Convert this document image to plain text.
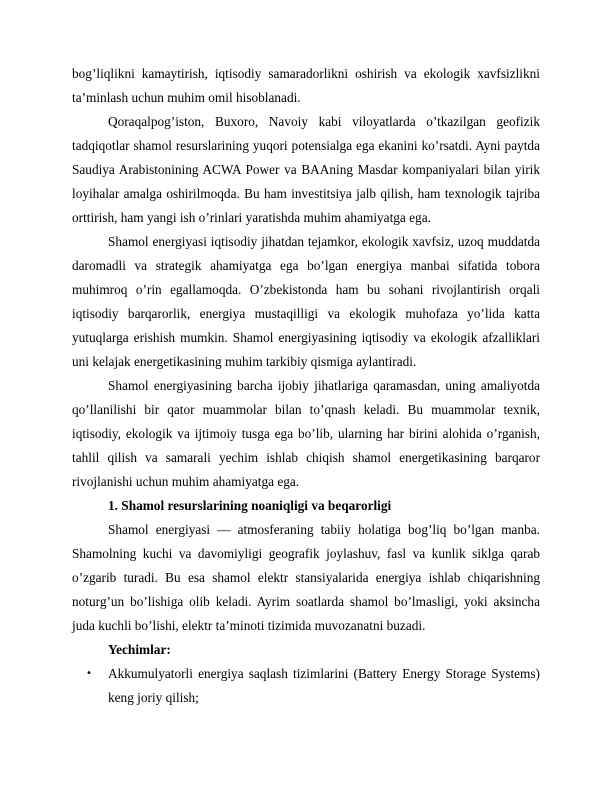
bog’liqlikni kamaytirish, iqtisodiy samaradorlikni oshirish va ekologik xavfsizlikni ta’minlash uchun muhim omil hisoblanadi.

Qoraqalpog’iston, Buxoro, Navoiy kabi viloyatlarda o’tkazilgan geofizik tadqiqotlar shamol resurslarining yuqori potensialga ega ekanini ko’rsatdi. Ayni paytda Saudiya Arabistonining ACWA Power va BAAning Masdar kompaniyalari bilan yirik loyihalar amalga oshirilmoqda. Bu ham investitsiya jalb qilish, ham texnologik tajriba orttirish, ham yangi ish o’rinlari yaratishda muhim ahamiyatga ega.

Shamol energiyasi iqtisodiy jihatdan tejamkor, ekologik xavfsiz, uzoq muddatda daromadli va strategik ahamiyatga ega bo’lgan energiya manbai sifatida tobora muhimroq o’rin egallamoqda. O’zbekistonda ham bu sohani rivojlantirish orqali iqtisodiy barqarorlik, energiya mustaqilligi va ekologik muhofaza yo’lida katta yutuqlarga erishish mumkin. Shamol energiyasining iqtisodiy va ekologik afzalliklari uni kelajak energetikasining muhim tarkibiy qismiga aylantiradi.

Shamol energiyasining barcha ijobiy jihatlariga qaramasdan, uning amaliyotda qo’llanilishi bir qator muammolar bilan to’qnash keladi. Bu muammolar texnik, iqtisodiy, ekologik va ijtimoiy tusga ega bo’lib, ularning har birini alohida o’rganish, tahlil qilish va samarali yechim ishlab chiqish shamol energetikasining barqaror rivojlanishi uchun muhim ahamiyatga ega.

1. Shamol resurslarining noaniqligi va beqarorligi

Shamol energiyasi — atmosferaning tabiiy holatiga bog’liq bo’lgan manba. Shamolning kuchi va davomiyligi geografik joylashuv, fasl va kunlik siklga qarab o’zgarib turadi. Bu esa shamol elektr stansiyalarida energiya ishlab chiqarishning noturg’un bo’lishiga olib keladi. Ayrim soatlarda shamol bo’lmasligi, yoki aksincha juda kuchli bo’lishi, elektr ta’minoti tizimida muvozanatni buzadi.

Yechimlar:

• Akkumulyatorli energiya saqlash tizimlarini (Battery Energy Storage Systems) keng joriy qilish;
